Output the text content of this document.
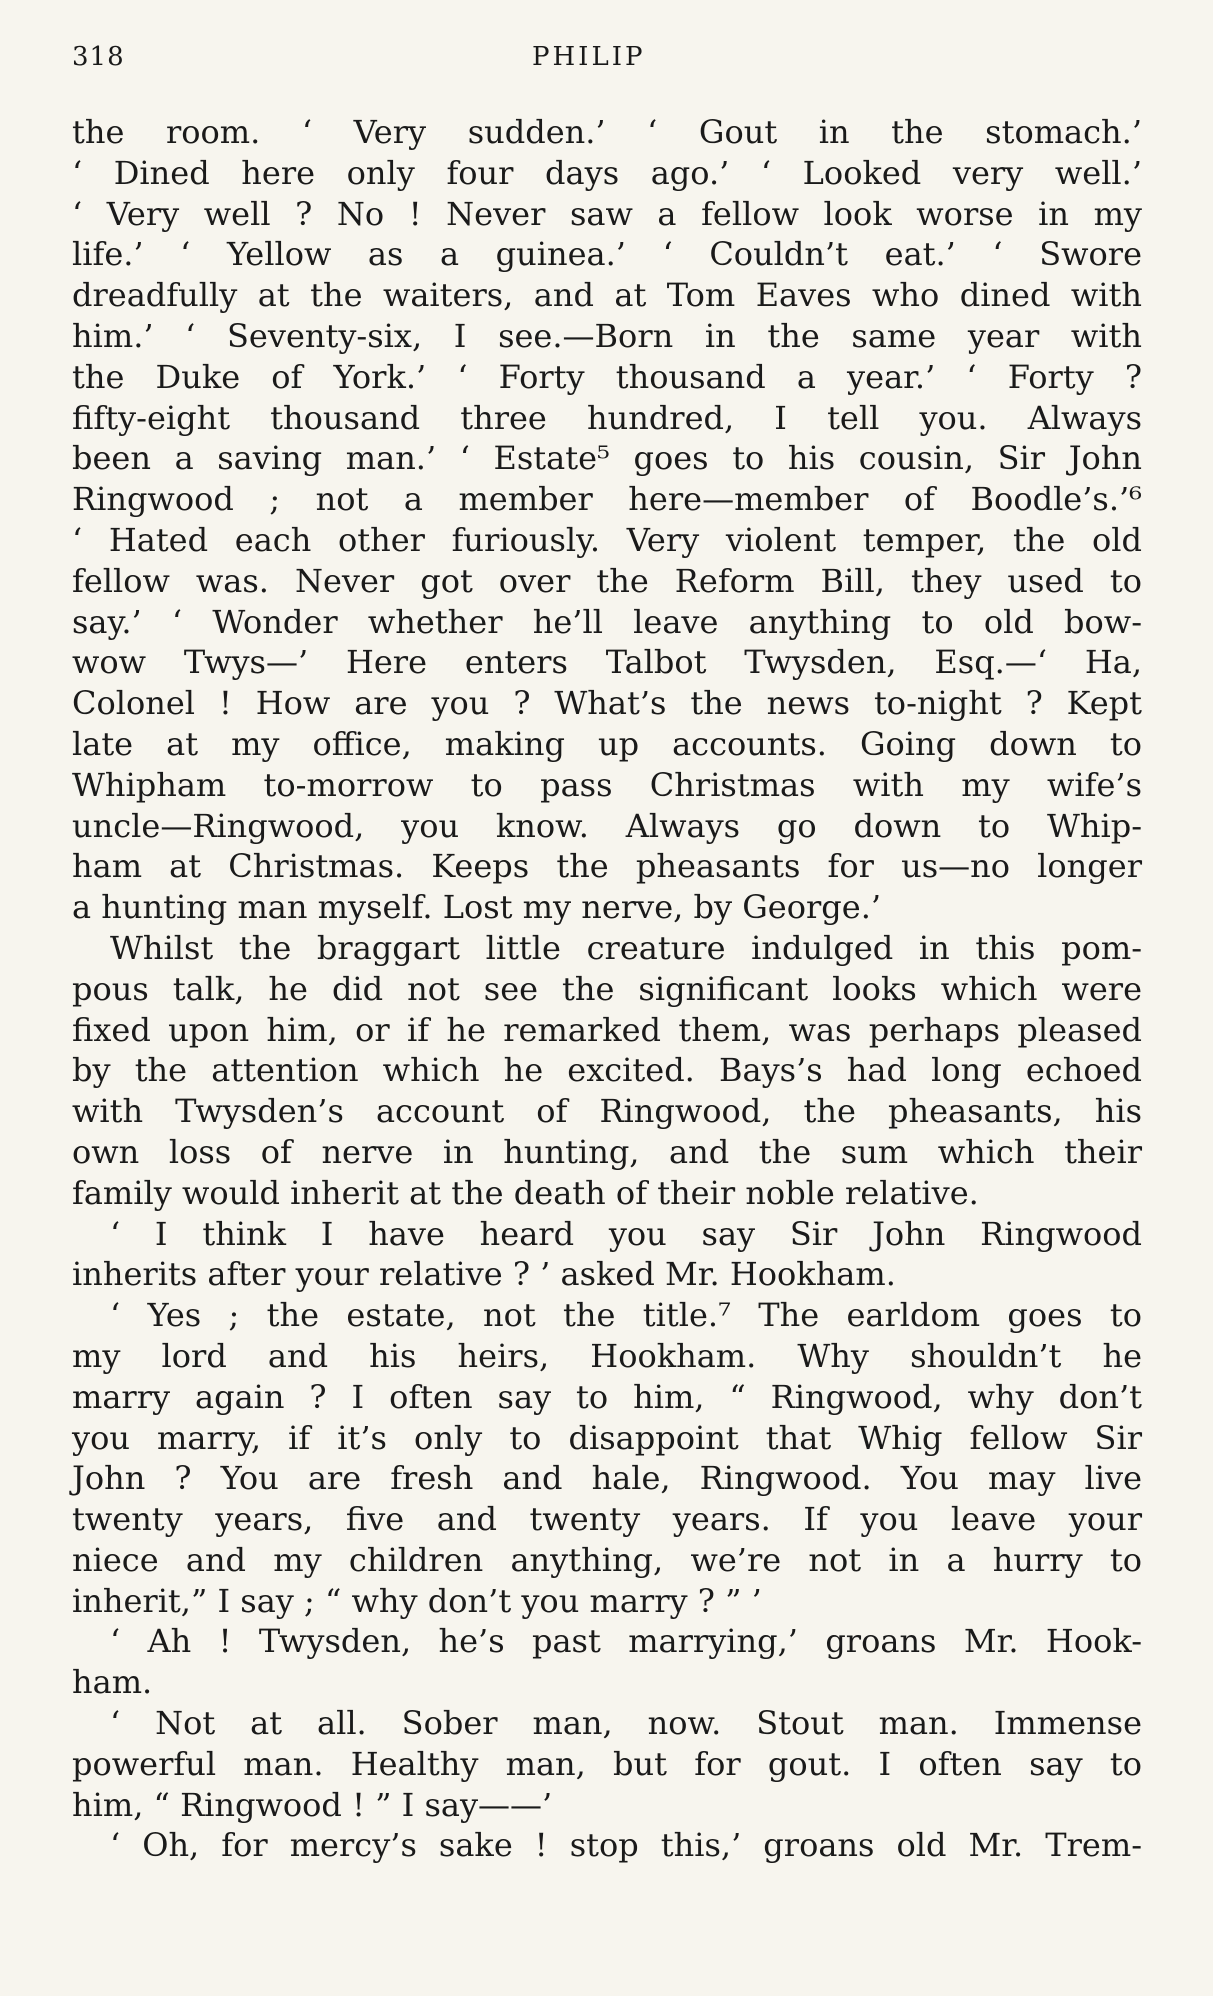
318	PHILIP
the room. ‘ Very sudden.’ ‘ Gout in the stomach.’
‘ Dined here only four days ago.’ ‘ Looked very well.’
‘ Very well ? No ! Never saw a fellow look worse in my
life.’ ‘ Yellow as a guinea.’ ‘ Couldn’t eat.’ ‘ Swore
dreadfully at the waiters, and at Tom Eaves who dined with
him.’ ‘ Seventy-six, I see.—Born in the same year with
the Duke of York.’ ‘ Forty thousand a year.’ ‘ Forty ?
fifty-eight thousand three hundred, I tell you. Always
been a saving man.’ ‘ Estate⁵ goes to his cousin, Sir John
Ringwood ; not a member here—member of Boodle’s.’⁶
‘ Hated each other furiously. Very violent temper, the old
fellow was. Never got over the Reform Bill, they used to
say.’ ‘ Wonder whether he’ll leave anything to old bow-
wow Twys—’ Here enters Talbot Twysden, Esq.—‘ Ha,
Colonel ! How are you ? What’s the news to-night ? Kept
late at my office, making up accounts. Going down to
Whipham to-morrow to pass Christmas with my wife’s
uncle—Ringwood, you know. Always go down to Whip-
ham at Christmas. Keeps the pheasants for us—no longer
a hunting man myself. Lost my nerve, by George.’
Whilst the braggart little creature indulged in this pom-
pous talk, he did not see the significant looks which were
fixed upon him, or if he remarked them, was perhaps pleased
by the attention which he excited. Bays’s had long echoed
with Twysden’s account of Ringwood, the pheasants, his
own loss of nerve in hunting, and the sum which their
family would inherit at the death of their noble relative.
‘ I think I have heard you say Sir John Ringwood
inherits after your relative ? ’ asked Mr. Hookham.
‘ Yes ; the estate, not the title.⁷ The earldom goes to
my lord and his heirs, Hookham. Why shouldn’t he
marry again ? I often say to him, “ Ringwood, why don’t
you marry, if it’s only to disappoint that Whig fellow Sir
John ? You are fresh and hale, Ringwood. You may live
twenty years, five and twenty years. If you leave your
niece and my children anything, we’re not in a hurry to
inherit,” I say ; “ why don’t you marry ? ” ’
‘ Ah ! Twysden, he’s past marrying,’ groans Mr. Hook-
ham.
‘ Not at all. Sober man, now. Stout man. Immense
powerful man. Healthy man, but for gout. I often say to
him, “ Ringwood ! ” I say——’
‘ Oh, for mercy’s sake ! stop this,’ groans old Mr. Trem-
